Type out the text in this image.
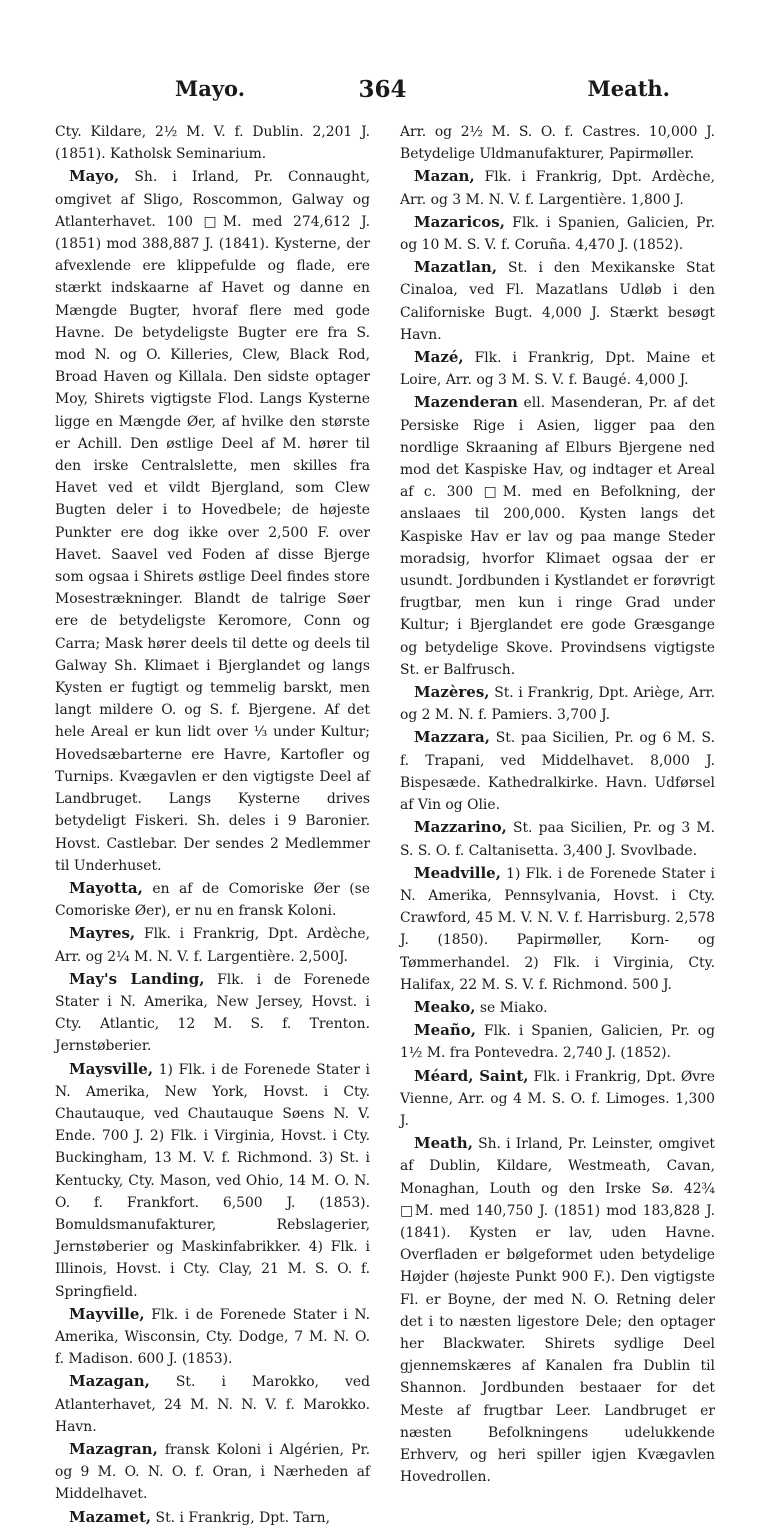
364
Mayo.	Meath.

Cty. Kildare, 2½ M. V. f. Dublin. 2,201 J. (1851). Katholsk Seminarium.

Mayo, Sh. i Irland, Pr. Connaught, omgivet af Sligo, Roscommon, Galway og Atlanterhavet. 100 □M. med 274,612 J. (1851) mod 388,887 J. (1841). Kysterne, der afvexlende ere klippefulde og flade, ere stærkt indskaarne af Havet og danne en Mængde Bugter, hvoraf flere med gode Havne. De betydeligste Bugter ere fra S. mod N. og O. Killeries, Clew, Black Rod, Broad Haven og Killala. Den sidste optager Moy, Shirets vigtigste Flod. Langs Kysterne ligge en Mængde Øer, af hvilke den største er Achill. Den østlige Deel af M. hører til den irske Centralslette, men skilles fra Havet ved et vildt Bjergland, som Clew Bugten deler i to Hovedbele; de højeste Punkter ere dog ikke over 2,500 F. over Havet. Saavel ved Foden af disse Bjerge som ogsaa i Shirets østlige Deel findes store Mosestrækninger. Blandt de talrige Søer ere de betydeligste Keromore, Conn og Carra; Mask hører deels til dette og deels til Galway Sh. Klimaet i Bjerglandet og langs Kysten er fugtigt og temmelig barskt, men langt mildere O. og S. f. Bjergene. Af det hele Areal er kun lidt over ⅓ under Kultur; Hovedsæbarterne ere Havre, Kartofler og Turnips. Kvægavlen er den vigtigste Deel af Landbruget. Langs Kysterne drives betydeligt Fiskeri. Sh. deles i 9 Baronier. Hovst. Castlebar. Der sendes 2 Medlemmer til Underhuset.

Mayotta, en af de Comoriske Øer (se Comoriske Øer), er nu en fransk Koloni.

Mayres, Flk. i Frankrig, Dpt. Ardèche, Arr. og 2¼ M. N. V. f. Largentière. 2,500J.

May's Landing, Flk. i de Forenede Stater i N. Amerika, New Jersey, Hovst. i Cty. Atlantic, 12 M. S. f. Trenton. Jernstøberier.

Maysville, 1) Flk. i de Forenede Stater i N. Amerika, New York, Hovst. i Cty. Chautauque, ved Chautauque Søens N. V. Ende. 700 J. 2) Flk. i Virginia, Hovst. i Cty. Buckingham, 13 M. V. f. Richmond. 3) St. i Kentucky, Cty. Mason, ved Ohio, 14 M. O. N. O. f. Frankfort. 6,500 J. (1853). Bomuldsmanufakturer, Rebslagerier, Jernstøberier og Maskinfabrikker. 4) Flk. i Illinois, Hovst. i Cty. Clay, 21 M. S. O. f. Springfield.

Mayville, Flk. i de Forenede Stater i N. Amerika, Wisconsin, Cty. Dodge, 7 M. N. O. f. Madison. 600 J. (1853).

Mazagan, St. i Marokko, ved Atlanterhavet, 24 M. N. N. V. f. Marokko. Havn.

Mazagran, fransk Koloni i Algérien, Pr. og 9 M. O. N. O. f. Oran, i Nærheden af Middelhavet.

Mazamet, St. i Frankrig, Dpt. Tarn,

Arr. og 2½ M. S. O. f. Castres. 10,000 J. Betydelige Uldmanufakturer, Papirmøller.

Mazan, Flk. i Frankrig, Dpt. Ardèche, Arr. og 3 M. N. V. f. Largentière. 1,800 J.

Mazaricos, Flk. i Spanien, Galicien, Pr. og 10 M. S. V. f. Coruña. 4,470 J. (1852).

Mazatlan, St. i den Mexikanske Stat Cinaloa, ved Fl. Mazatlans Udløb i den Californiske Bugt. 4,000 J. Stærkt besøgt Havn.

Mazé, Flk. i Frankrig, Dpt. Maine et Loire, Arr. og 3 M. S. V. f. Baugé. 4,000 J.

Mazenderan ell. Masenderan, Pr. af det Persiske Rige i Asien, ligger paa den nordlige Skraaning af Elburs Bjergene ned mod det Kaspiske Hav, og indtager et Areal af c. 300 □M. med en Befolkning, der anslaaes til 200,000. Kysten langs det Kaspiske Hav er lav og paa mange Steder moradsig, hvorfor Klimaet ogsaa der er usundt. Jordbunden i Kystlandet er forøvrigt frugtbar, men kun i ringe Grad under Kultur; i Bjerglandet ere gode Græsgange og betydelige Skove. Provindsens vigtigste St. er Balfrusch.

Mazères, St. i Frankrig, Dpt. Ariège, Arr. og 2 M. N. f. Pamiers. 3,700 J.

Mazzara, St. paa Sicilien, Pr. og 6 M. S. f. Trapani, ved Middelhavet. 8,000 J. Bispesæde. Kathedralkirke. Havn. Udførsel af Vin og Olie.

Mazzarino, St. paa Sicilien, Pr. og 3 M. S. S. O. f. Caltanisetta. 3,400 J. Svovlbade.

Meadville, 1) Flk. i de Forenede Stater i N. Amerika, Pennsylvania, Hovst. i Cty. Crawford, 45 M. V. N. V. f. Harrisburg. 2,578 J. (1850). Papirmøller, Korn- og Tømmerhandel. 2) Flk. i Virginia, Cty. Halifax, 22 M. S. V. f. Richmond. 500 J.

Meako, se Miako.

Meaño, Flk. i Spanien, Galicien, Pr. og 1½ M. fra Pontevedra. 2,740 J. (1852).

Méard, Saint, Flk. i Frankrig, Dpt. Øvre Vienne, Arr. og 4 M. S. O. f. Limoges. 1,300 J.

Meath, Sh. i Irland, Pr. Leinster, omgivet af Dublin, Kildare, Westmeath, Cavan, Monaghan, Louth og den Irske Sø. 42¾ □M. med 140,750 J. (1851) mod 183,828 J. (1841). Kysten er lav, uden Havne. Overfladen er bølgeformet uden betydelige Højder (højeste Punkt 900 F.). Den vigtigste Fl. er Boyne, der med N. O. Retning deler det i to næsten ligestore Dele; den optager her Blackwater. Shirets sydlige Deel gjennemskæres af Kanalen fra Dublin til Shannon. Jordbunden bestaaer for det Meste af frugtbar Leer. Landbruget er næsten Befolkningens udelukkende Erhverv, og heri spiller igjen Kvægavlen Hovedrollen.
